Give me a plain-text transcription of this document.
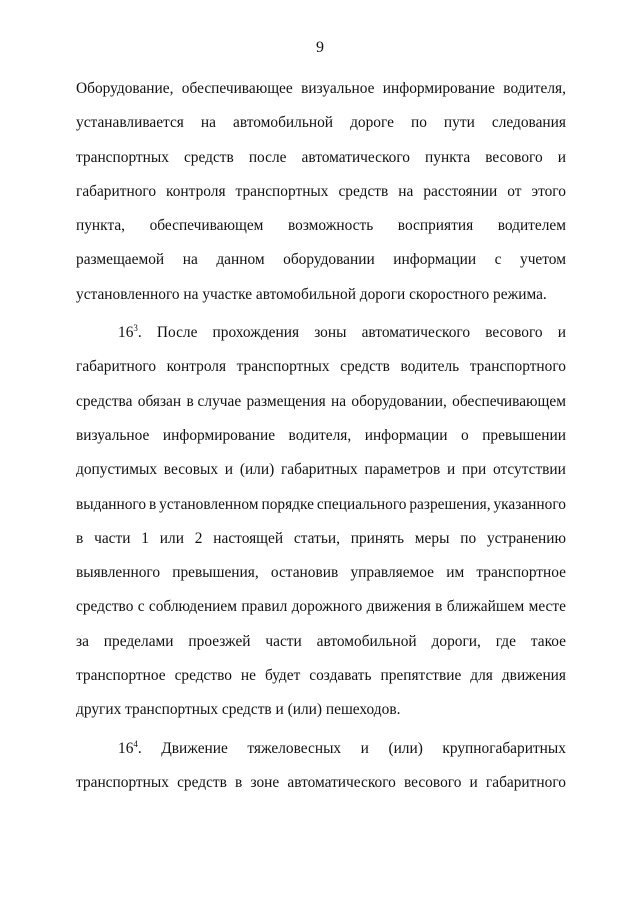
9
Оборудование, обеспечивающее визуальное информирование водителя,
устанавливается на автомобильной дороге по пути следования
транспортных средств после автоматического пункта весового и
габаритного контроля транспортных средств на расстоянии от этого
пункта, обеспечивающем возможность восприятия водителем
размещаемой на данном оборудовании информации с учетом
установленного на участке автомобильной дороги скоростного режима.
$16^3$. После прохождения зоны автоматического весового и
габаритного контроля транспортных средств водитель транспортного
средства обязан в случае размещения на оборудовании, обеспечивающем
визуальное информирование водителя, информации о превышении
допустимых весовых и (или) габаритных параметров и при отсутствии
выданного в установленном порядке специального разрешения, указанного
в части 1 или 2 настоящей статьи, принять меры по устранению
выявленного превышения, остановив управляемое им транспортное
средство с соблюдением правил дорожного движения в ближайшем месте
за пределами проезжей части автомобильной дороги, где такое
транспортное средство не будет создавать препятствие для движения
других транспортных средств и (или) пешеходов.
$16^4$. Движение тяжеловесных и (или) крупногабаритных
транспортных средств в зоне автоматического весового и габаритного
